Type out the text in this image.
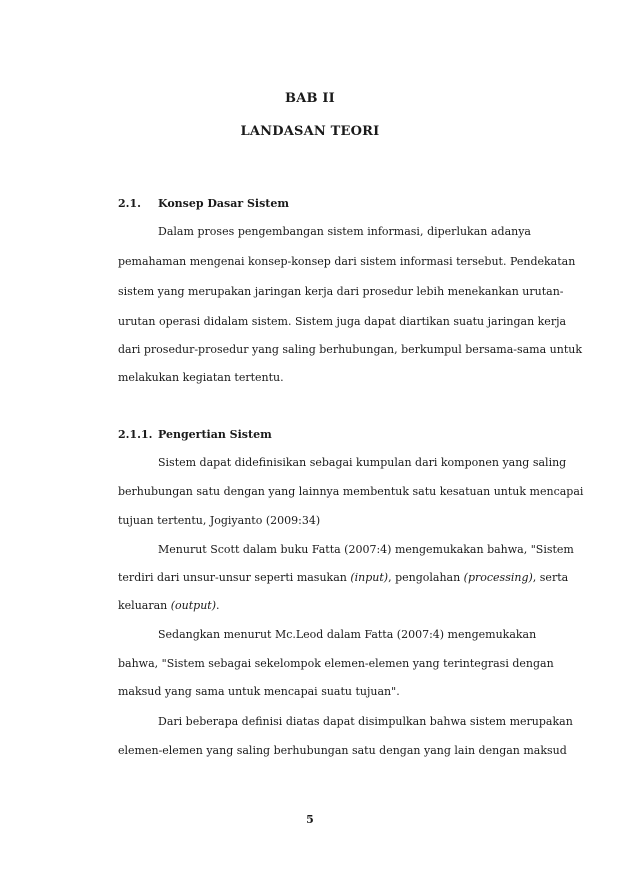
BAB II
LANDASAN TEORI
2.1. Konsep Dasar Sistem
Dalam proses pengembangan sistem informasi, diperlukan adanya
pemahaman mengenai konsep-konsep dari sistem informasi tersebut. Pendekatan
sistem yang merupakan jaringan kerja dari prosedur lebih menekankan urutan-
urutan operasi didalam sistem. Sistem juga dapat diartikan suatu jaringan kerja
dari prosedur-prosedur yang saling berhubungan, berkumpul bersama-sama untuk
melakukan kegiatan tertentu.
2.1.1. Pengertian Sistem
Sistem dapat didefinisikan sebagai kumpulan dari komponen yang saling
berhubungan satu dengan yang lainnya membentuk satu kesatuan untuk mencapai
tujuan tertentu, Jogiyanto (2009:34)
Menurut Scott dalam buku Fatta (2007:4) mengemukakan bahwa, "Sistem
terdiri dari unsur-unsur seperti masukan (input), pengolahan (processing), serta
keluaran (output).
Sedangkan menurut Mc.Leod dalam Fatta (2007:4) mengemukakan
bahwa, "Sistem sebagai sekelompok elemen-elemen yang terintegrasi dengan
maksud yang sama untuk mencapai suatu tujuan".
Dari beberapa definisi diatas dapat disimpulkan bahwa sistem merupakan
elemen-elemen yang saling berhubungan satu dengan yang lain dengan maksud
5
